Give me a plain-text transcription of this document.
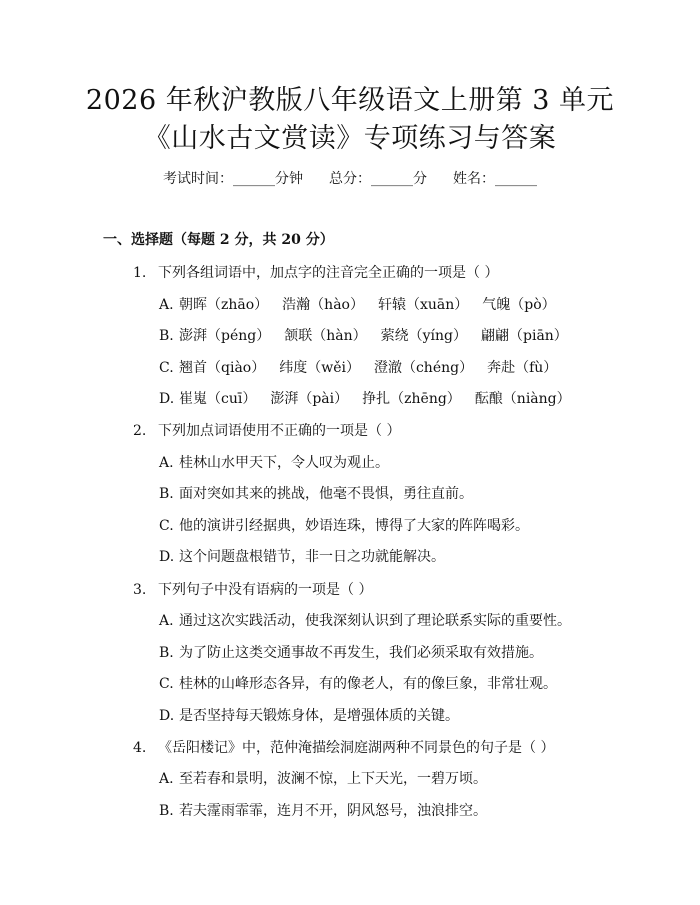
2026 年秋沪教版八年级语文上册第 3 单元
《山水古文赏读》专项练习与答案
考试时间：______分钟 总分：______分 姓名：______
一、选择题（每题 2 分，共 20 分）
1. 下列各组词语中，加点字的注音完全正确的一项是（ ）
A. 朝晖（zhāo） 浩瀚（hào） 轩辕（xuān） 气魄（pò）
B. 澎湃（péng） 颔联（hàn） 萦绕（yíng） 翩翩（piān）
C. 翘首（qiào） 纬度（wěi） 澄澈（chéng） 奔赴（fù）
D. 崔嵬（cuī） 澎湃（pài） 挣扎（zhēng） 酝酿（niàng）
2. 下列加点词语使用不正确的一项是（ ）
A. 桂林山水甲天下，令人叹为观止。
B. 面对突如其来的挑战，他毫不畏惧，勇往直前。
C. 他的演讲引经据典，妙语连珠，博得了大家的阵阵喝彩。
D. 这个问题盘根错节，非一日之功就能解决。
3. 下列句子中没有语病的一项是（ ）
A. 通过这次实践活动，使我深刻认识到了理论联系实际的重要性。
B. 为了防止这类交通事故不再发生，我们必须采取有效措施。
C. 桂林的山峰形态各异，有的像老人，有的像巨象，非常壮观。
D. 是否坚持每天锻炼身体，是增强体质的关键。
4. 《岳阳楼记》中，范仲淹描绘洞庭湖两种不同景色的句子是（ ）
A. 至若春和景明，波澜不惊，上下天光，一碧万顷。
B. 若夫霪雨霏霏，连月不开，阴风怒号，浊浪排空。
